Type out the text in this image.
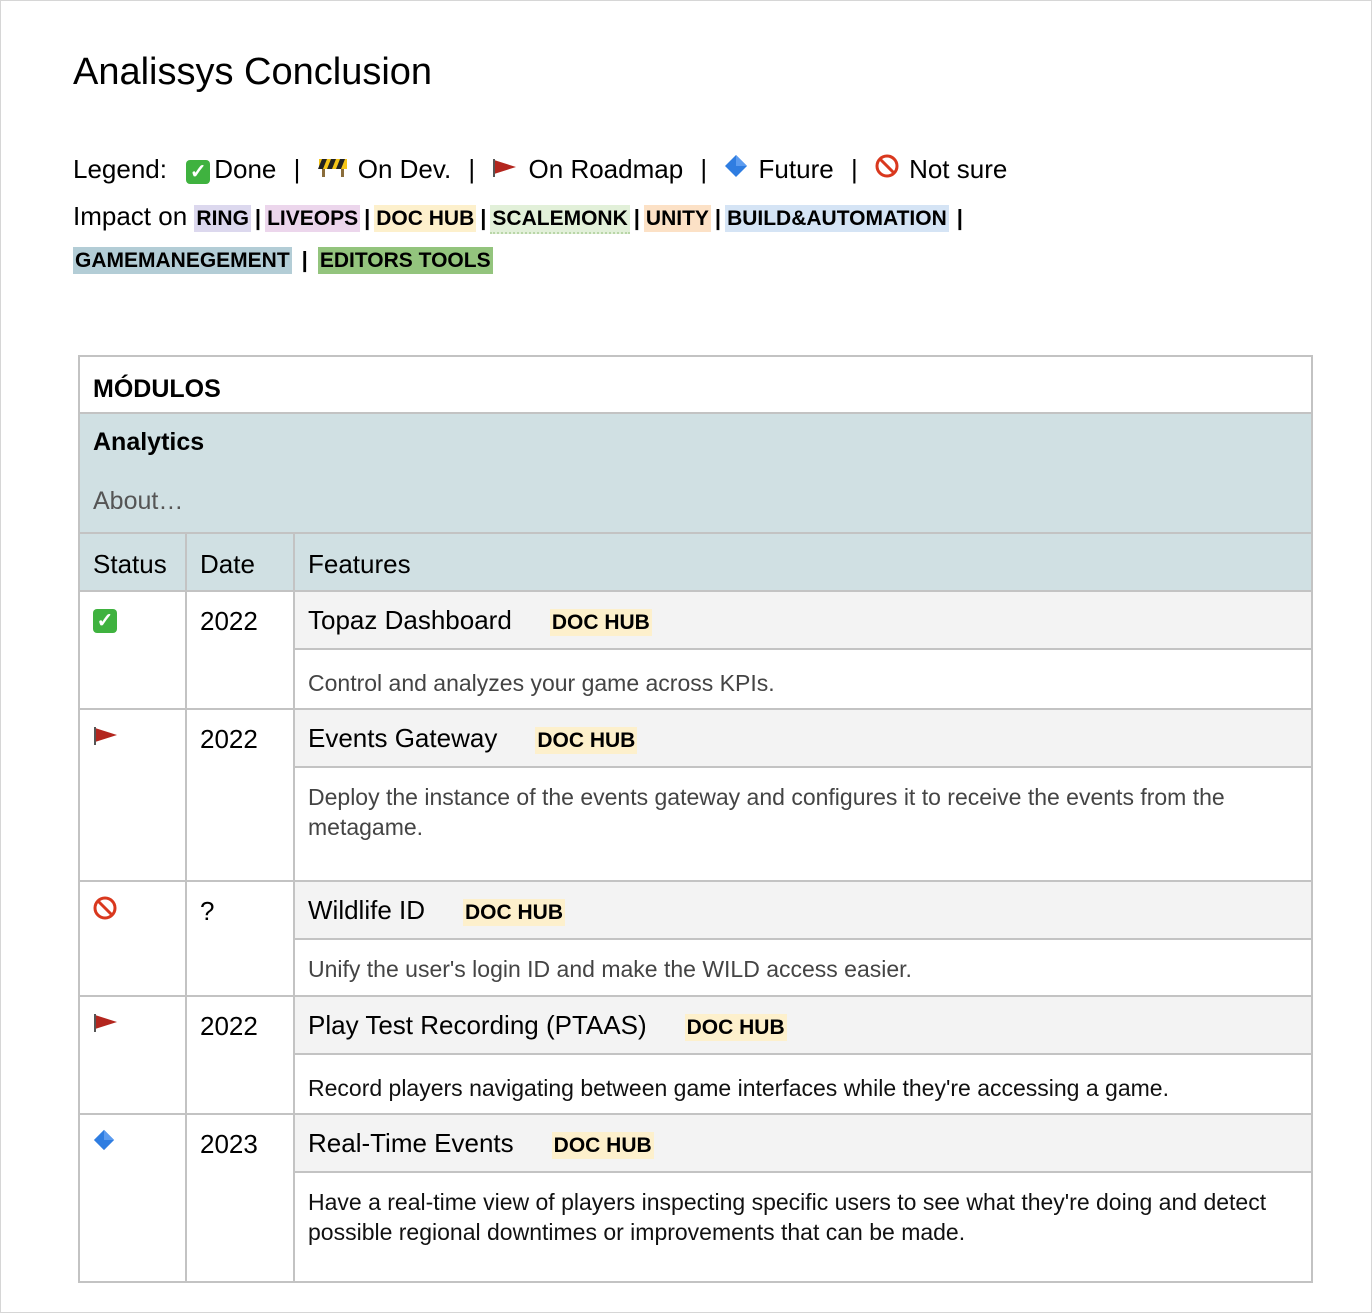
Analissys Conclusion
Legend: ✓ Done | On Dev. | On Roadmap | Future | Not sure
Impact on RING | LIVEOPS | DOC HUB | SCALEMONK | UNITY | BUILD&AUTOMATION |
GAMEMANEGEMENT | EDITORS TOOLS
MÓDULOS		

Analytics
About…		

Status	Date	Features
✓	2022	Topaz Dashboard DOC HUB
		Control and analyzes your game across KPIs.
	2022	Events Gateway DOC HUB
		Deploy the instance of the events gateway and configures it to receive the events from the metagame.
	?	Wildlife ID DOC HUB
		Unify the user's login ID and make the WILD access easier.
	2022	Play Test Recording (PTAAS) DOC HUB
		Record players navigating between game interfaces while they're accessing a game.
	2023	Real-Time Events DOC HUB
		Have a real-time view of players inspecting specific users to see what they're doing and detect possible regional downtimes or improvements that can be made.
